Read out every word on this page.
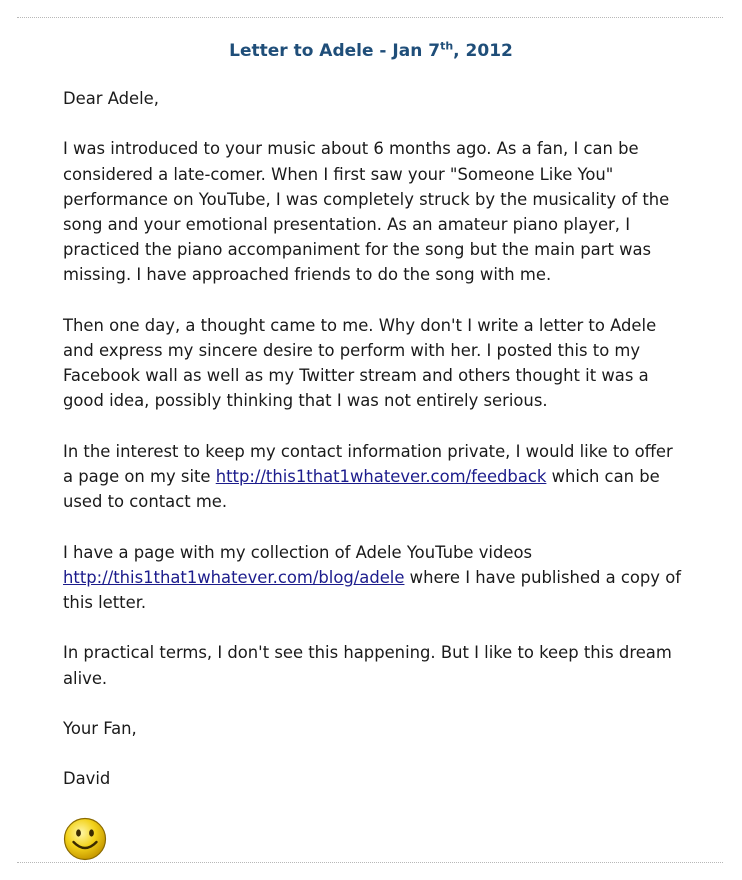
Letter to Adele - Jan 7th, 2012

Dear Adele,

I was introduced to your music about 6 months ago. As a fan, I can be considered a late-comer. When I first saw your "Someone Like You" performance on YouTube, I was completely struck by the musicality of the song and your emotional presentation. As an amateur piano player, I practiced the piano accompaniment for the song but the main part was missing. I have approached friends to do the song with me.

Then one day, a thought came to me. Why don't I write a letter to Adele and express my sincere desire to perform with her. I posted this to my Facebook wall as well as my Twitter stream and others thought it was a good idea, possibly thinking that I was not entirely serious.

In the interest to keep my contact information private, I would like to offer a page on my site http://this1that1whatever.com/feedback which can be used to contact me.

I have a page with my collection of Adele YouTube videos http://this1that1whatever.com/blog/adele where I have published a copy of this letter.

In practical terms, I don't see this happening. But I like to keep this dream alive.

Your Fan,

David
